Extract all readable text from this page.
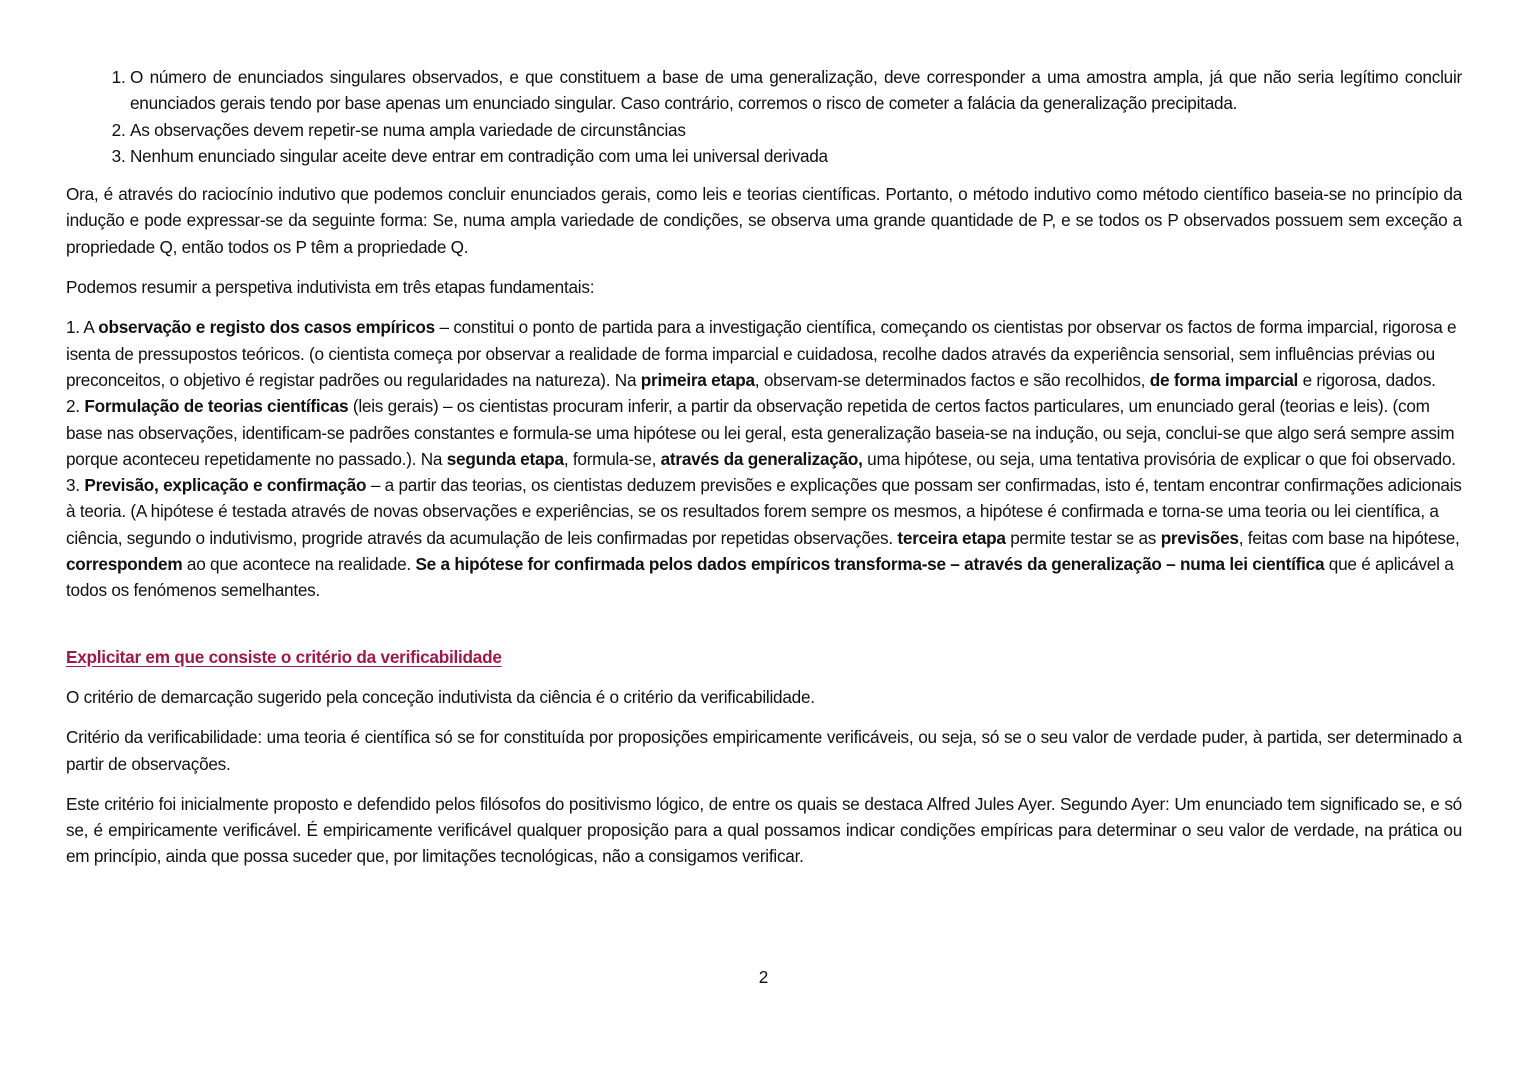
1. O número de enunciados singulares observados, e que constituem a base de uma generalização, deve corresponder a uma amostra ampla, já que não seria legítimo concluir enunciados gerais tendo por base apenas um enunciado singular. Caso contrário, corremos o risco de cometer a falácia da generalização precipitada.
2. As observações devem repetir-se numa ampla variedade de circunstâncias
3. Nenhum enunciado singular aceite deve entrar em contradição com uma lei universal derivada

Ora, é através do raciocínio indutivo que podemos concluir enunciados gerais, como leis e teorias científicas. Portanto, o método indutivo como método científico baseia-se no princípio da indução e pode expressar-se da seguinte forma: Se, numa ampla variedade de condições, se observa uma grande quantidade de P, e se todos os P observados possuem sem exceção a propriedade Q, então todos os P têm a propriedade Q.

Podemos resumir a perspetiva indutivista em três etapas fundamentais:

1. A observação e registo dos casos empíricos – constitui o ponto de partida para a investigação científica, começando os cientistas por observar os factos de forma imparcial, rigorosa e isenta de pressupostos teóricos. (o cientista começa por observar a realidade de forma imparcial e cuidadosa, recolhe dados através da experiência sensorial, sem influências prévias ou preconceitos, o objetivo é registar padrões ou regularidades na natureza). Na primeira etapa, observam-se determinados factos e são recolhidos, de forma imparcial e rigorosa, dados.
2. Formulação de teorias científicas (leis gerais) – os cientistas procuram inferir, a partir da observação repetida de certos factos particulares, um enunciado geral (teorias e leis). (com base nas observações, identificam-se padrões constantes e formula-se uma hipótese ou lei geral, esta generalização baseia-se na indução, ou seja, conclui-se que algo será sempre assim porque aconteceu repetidamente no passado.). Na segunda etapa, formula-se, através da generalização, uma hipótese, ou seja, uma tentativa provisória de explicar o que foi observado.
3. Previsão, explicação e confirmação – a partir das teorias, os cientistas deduzem previsões e explicações que possam ser confirmadas, isto é, tentam encontrar confirmações adicionais à teoria. (A hipótese é testada através de novas observações e experiências, se os resultados forem sempre os mesmos, a hipótese é confirmada e torna-se uma teoria ou lei científica, a ciência, segundo o indutivismo, progride através da acumulação de leis confirmadas por repetidas observações. terceira etapa permite testar se as previsões, feitas com base na hipótese, correspondem ao que acontece na realidade. Se a hipótese for confirmada pelos dados empíricos transforma-se – através da generalização – numa lei científica que é aplicável a todos os fenómenos semelhantes.
Explicitar em que consiste o critério da verificabilidade

O critério de demarcação sugerido pela conceção indutivista da ciência é o critério da verificabilidade.

Critério da verificabilidade: uma teoria é científica só se for constituída por proposições empiricamente verificáveis, ou seja, só se o seu valor de verdade puder, à partida, ser determinado a partir de observações.

Este critério foi inicialmente proposto e defendido pelos filósofos do positivismo lógico, de entre os quais se destaca Alfred Jules Ayer. Segundo Ayer: Um enunciado tem significado se, e só se, é empiricamente verificável. É empiricamente verificável qualquer proposição para a qual possamos indicar condições empíricas para determinar o seu valor de verdade, na prática ou em princípio, ainda que possa suceder que, por limitações tecnológicas, não a consigamos verificar.

2
